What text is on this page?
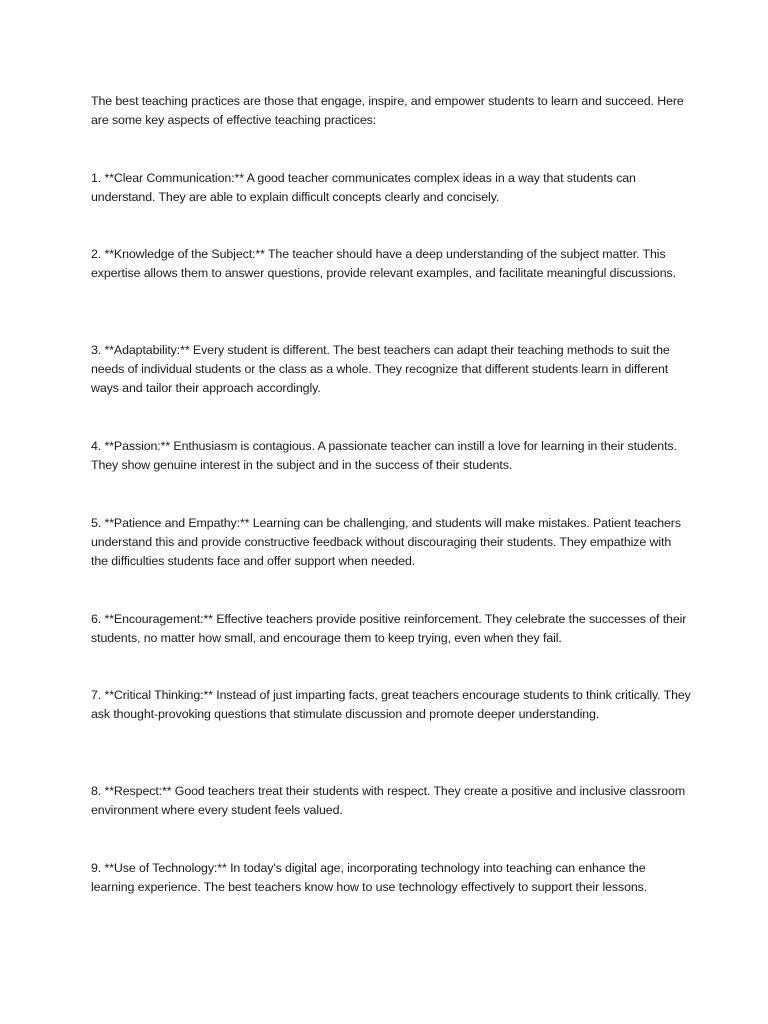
The best teaching practices are those that engage, inspire, and empower students to learn and succeed. Here are some key aspects of effective teaching practices:

1. **Clear Communication:** A good teacher communicates complex ideas in a way that students can understand. They are able to explain difficult concepts clearly and concisely.

2. **Knowledge of the Subject:** The teacher should have a deep understanding of the subject matter. This expertise allows them to answer questions, provide relevant examples, and facilitate meaningful discussions.

3. **Adaptability:** Every student is different. The best teachers can adapt their teaching methods to suit the needs of individual students or the class as a whole. They recognize that different students learn in different ways and tailor their approach accordingly.

4. **Passion:** Enthusiasm is contagious. A passionate teacher can instill a love for learning in their students. They show genuine interest in the subject and in the success of their students.

5. **Patience and Empathy:** Learning can be challenging, and students will make mistakes. Patient teachers understand this and provide constructive feedback without discouraging their students. They empathize with the difficulties students face and offer support when needed.

6. **Encouragement:** Effective teachers provide positive reinforcement. They celebrate the successes of their students, no matter how small, and encourage them to keep trying, even when they fail.

7. **Critical Thinking:** Instead of just imparting facts, great teachers encourage students to think critically. They ask thought-provoking questions that stimulate discussion and promote deeper understanding.

8. **Respect:** Good teachers treat their students with respect. They create a positive and inclusive classroom environment where every student feels valued.

9. **Use of Technology:** In today's digital age, incorporating technology into teaching can enhance the learning experience. The best teachers know how to use technology effectively to support their lessons.
